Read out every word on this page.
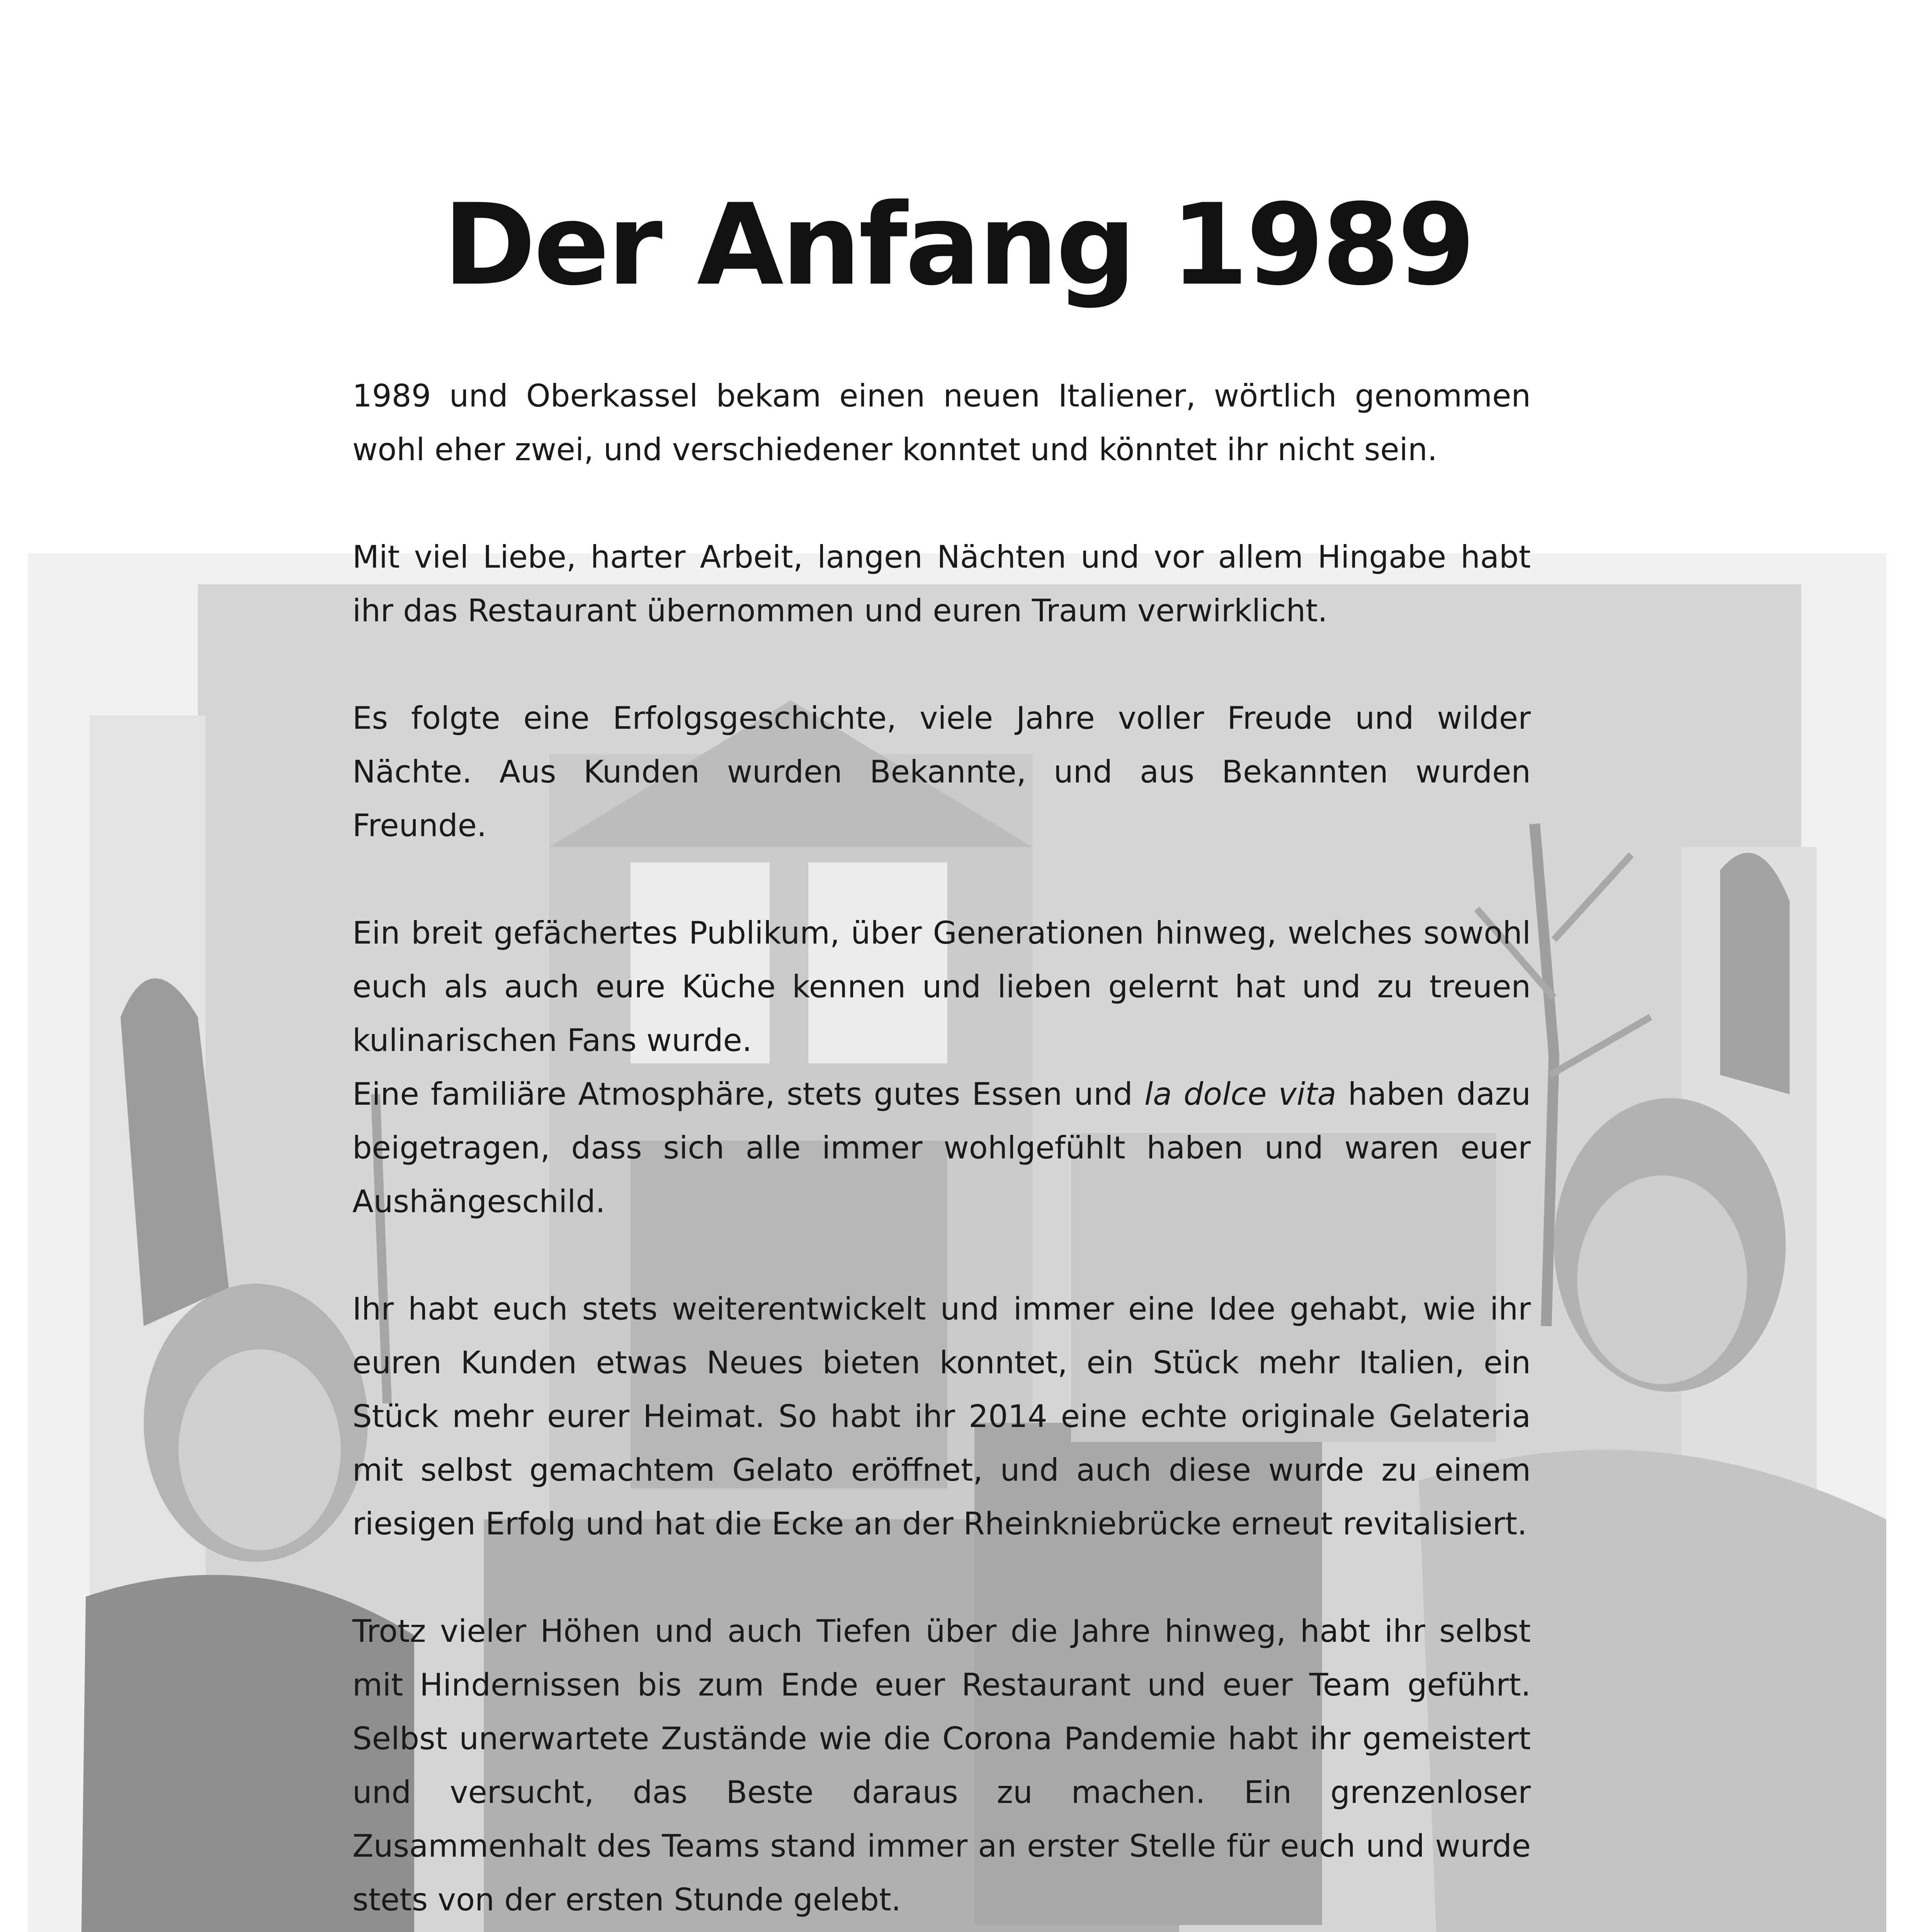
Der Anfang 1989

1989 und Oberkassel bekam einen neuen Italiener, wörtlich genommen wohl eher zwei, und verschiedener konntet und könntet ihr nicht sein.

Mit viel Liebe, harter Arbeit, langen Nächten und vor allem Hingabe habt ihr das Restaurant übernommen und euren Traum verwirklicht.

Es folgte eine Erfolgsgeschichte, viele Jahre voller Freude und wilder Nächte. Aus Kunden wurden Bekannte, und aus Bekannten wurden Freunde.

Ein breit gefächertes Publikum, über Generationen hinweg, welches sowohl euch als auch eure Küche kennen und lieben gelernt hat und zu treuen kulinarischen Fans wurde.

Eine familiäre Atmosphäre, stets gutes Essen und la dolce vita haben dazu beigetragen, dass sich alle immer wohlgefühlt haben und waren euer Aushängeschild.

Ihr habt euch stets weiterentwickelt und immer eine Idee gehabt, wie ihr euren Kunden etwas Neues bieten konntet, ein Stück mehr Italien, ein Stück mehr eurer Heimat. So habt ihr 2014 eine echte originale Gelateria mit selbst gemachtem Gelato eröffnet, und auch diese wurde zu einem riesigen Erfolg und hat die Ecke an der Rheinkniebrücke erneut revitalisiert.

Trotz vieler Höhen und auch Tiefen über die Jahre hinweg, habt ihr selbst mit Hindernissen bis zum Ende euer Restaurant und euer Team geführt. Selbst unerwartete Zustände wie die Corona Pandemie habt ihr gemeistert und versucht, das Beste daraus zu machen. Ein grenzenloser Zusammenhalt des Teams stand immer an erster Stelle für euch und wurde stets von der ersten Stunde gelebt.
